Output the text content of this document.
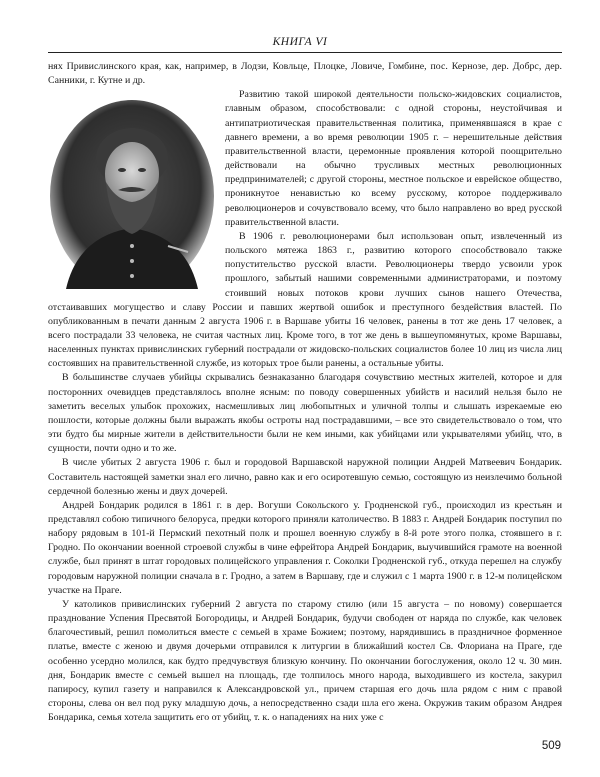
КНИГА VI

нях Привислинского края, как, например, в Лодзи, Ковльце, Плоцке, Ловиче, Гомбине, пос. Кернозе, дер. Добрс, дер. Санники, г. Кутне и др.

Развитию такой широкой деятельности польско-жидовских социалистов, главным образом, способствовали: с одной стороны, неустойчивая и антипатриотическая правительственная политика, применявшаяся в крае с давнего времени, а во время революции 1905 г. – нерешительные действия правительственной власти, церемонные проявления которой поощрительно действовали на обычно трусливых местных революционных предпринимателей; с другой стороны, местное польское и еврейское общество, проникнутое ненавистью ко всему русскому, которое поддерживало революционеров и сочувствовало всему, что было направлено во вред русской правительственной власти.

В 1906 г. революционерами был использован опыт, извлеченный из польского мятежа 1863 г., развитию которого способствовало также попустительство русской власти. Революционеры твердо усвоили урок прошлого, забытый нашими современными администраторами, и поэтому стоивший новых потоков крови лучших сынов нашего Отечества, отстаивавших могущество и славу России и павших жертвой ошибок и преступного бездействия властей. По опубликованным в печати данным 2 августа 1906 г. в Варшаве убиты 16 человек, ранены в тот же день 17 человек, а всего пострадали 33 человека, не считая частных лиц. Кроме того, в тот же день в вышеупомянутых, кроме Варшавы, населенных пунктах привислинских губерний пострадали от жидовско-польских социалистов более 10 лиц из числа лиц состоявших на правительственной службе, из которых трое были ранены, а остальные убиты.

В большинстве случаев убийцы скрывались безнаказанно благодаря сочувствию местных жителей, которое и для посторонних очевидцев представлялось вполне ясным: по поводу совершенных убийств и насилий нельзя было не заметить веселых улыбок прохожих, насмешливых лиц любопытных и уличной толпы и слышать изрекаемые ею пошлости, которые должны были выражать якобы остроты над пострадавшими, – все это свидетельствовало о том, что эти будто бы мирные жители в действительности были не кем иными, как убийцами или укрывателями убийц, что, в сущности, почти одно и то же.

В числе убитых 2 августа 1906 г. был и городовой Варшавской наружной полиции Андрей Матвеевич Бондарик. Составитель настоящей заметки знал его лично, равно как и его осиротевшую семью, состоящую из неизлечимо больной сердечной болезнью жены и двух дочерей.

Андрей Бондарик родился в 1861 г. в дер. Вогуши Сокольского у. Гродненской губ., происходил из крестьян и представлял собою типичного белоруса, предки которого приняли католичество. В 1883 г. Андрей Бондарик поступил по набору рядовым в 101-й Пермский пехотный полк и прошел военную службу в 8-й роте этого полка, стоявшего в г. Гродно. По окончании военной строевой службы в чине ефрейтора Андрей Бондарик, выучившийся грамоте на военной службе, был принят в штат городовых полицейского управления г. Соколки Гродненской губ., откуда перешел на службу городовым наружной полиции сначала в г. Гродно, а затем в Варшаву, где и служил с 1 марта 1900 г. в 12-м полицейском участке на Праге.

У католиков привислинских губерний 2 августа по старому стилю (или 15 августа – по новому) совершается празднование Успения Пресвятой Богородицы, и Андрей Бондарик, будучи свободен от наряда по службе, как человек благочестивый, решил помолиться вместе с семьей в храме Божием; поэтому, нарядившись в праздничное форменное платье, вместе с женою и двумя дочерьми отправился к литургии в ближайший костел Св. Флориана на Праге, где особенно усердно молился, как будто предчувствуя близкую кончину. По окончании богослужения, около 12 ч. 30 мин. дня, Бондарик вместе с семьей вышел на площадь, где толпилось много народа, выходившего из костела, закурил папиросу, купил газету и направился к Александровской ул., причем старшая его дочь шла рядом с ним с правой стороны, слева он вел под руку младшую дочь, а непосредственно сзади шла его жена. Окружив таким образом Андрея Бондарика, семья хотела защитить его от убийц, т. к. о нападениях на них уже с

509
